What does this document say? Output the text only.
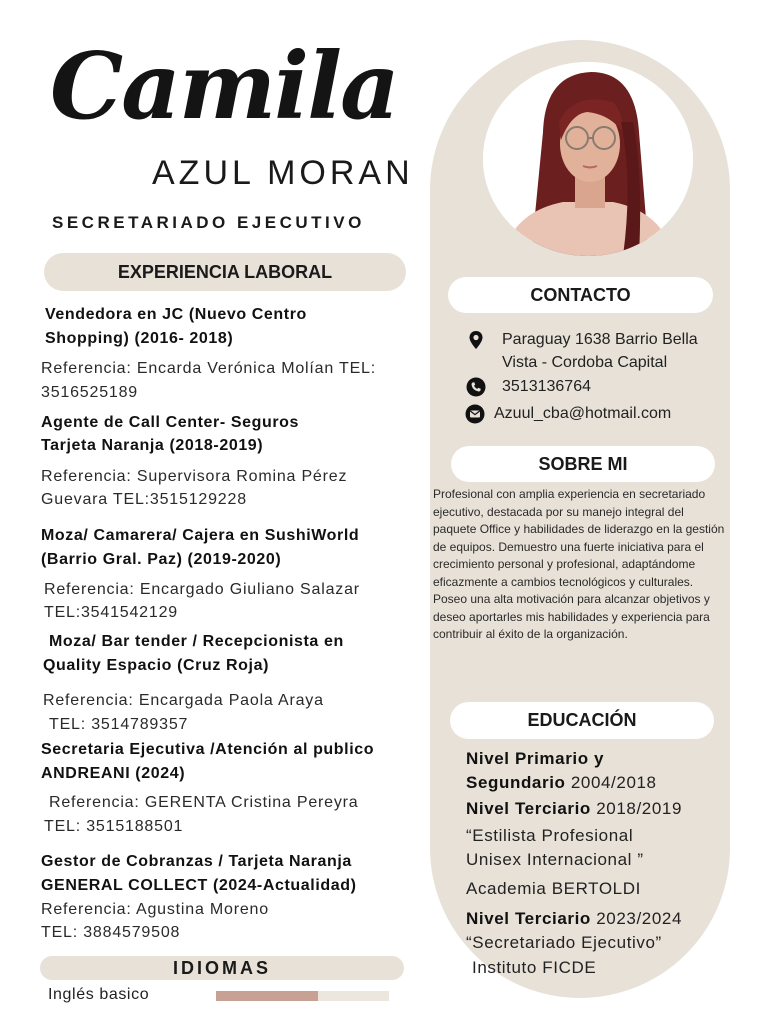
Camila
AZUL MORAN
SECRETARIADO EJECUTIVO
EXPERIENCIA LABORAL
Vendedora en JC (Nuevo Centro
Shopping) (2016- 2018)
Referencia: Encarda Verónica Molían TEL:
3516525189
Agente de Call Center- Seguros
Tarjeta Naranja (2018-2019)
Referencia: Supervisora Romina Pérez
Guevara TEL:3515129228
Moza/ Camarera/ Cajera en SushiWorld
(Barrio Gral. Paz) (2019-2020)
Referencia: Encargado Giuliano Salazar
TEL:3541542129
Moza/ Bar tender / Recepcionista en
Quality Espacio (Cruz Roja)
Referencia: Encargada Paola Araya
TEL: 3514789357
Secretaria Ejecutiva /Atención al publico
ANDREANI (2024)
Referencia: GERENTA Cristina Pereyra
TEL: 3515188501
Gestor de Cobranzas / Tarjeta Naranja
GENERAL COLLECT (2024-Actualidad)
Referencia: Agustina Moreno
TEL: 3884579508
IDIOMAS
Inglés basico
CONTACTO
Paraguay 1638 Barrio Bella
Vista - Cordoba Capital
3513136764
Azuul_cba@hotmail.com
SOBRE MI
Profesional con amplia experiencia en secretariado ejecutivo, destacada por su manejo integral del paquete Office y habilidades de liderazgo en la gestión de equipos. Demuestro una fuerte iniciativa para el crecimiento personal y profesional, adaptándome eficazmente a cambios tecnológicos y culturales. Poseo una alta motivación para alcanzar objetivos y deseo aportarles mis habilidades y experiencia para contribuir al éxito de la organización.
EDUCACIÓN
Nivel Primario y
Segundario 2004/2018
Nivel Terciario 2018/2019
“Estilista Profesional
Unisex Internacional ”
Academia BERTOLDI
Nivel Terciario 2023/2024
“Secretariado Ejecutivo”
Instituto FICDE
